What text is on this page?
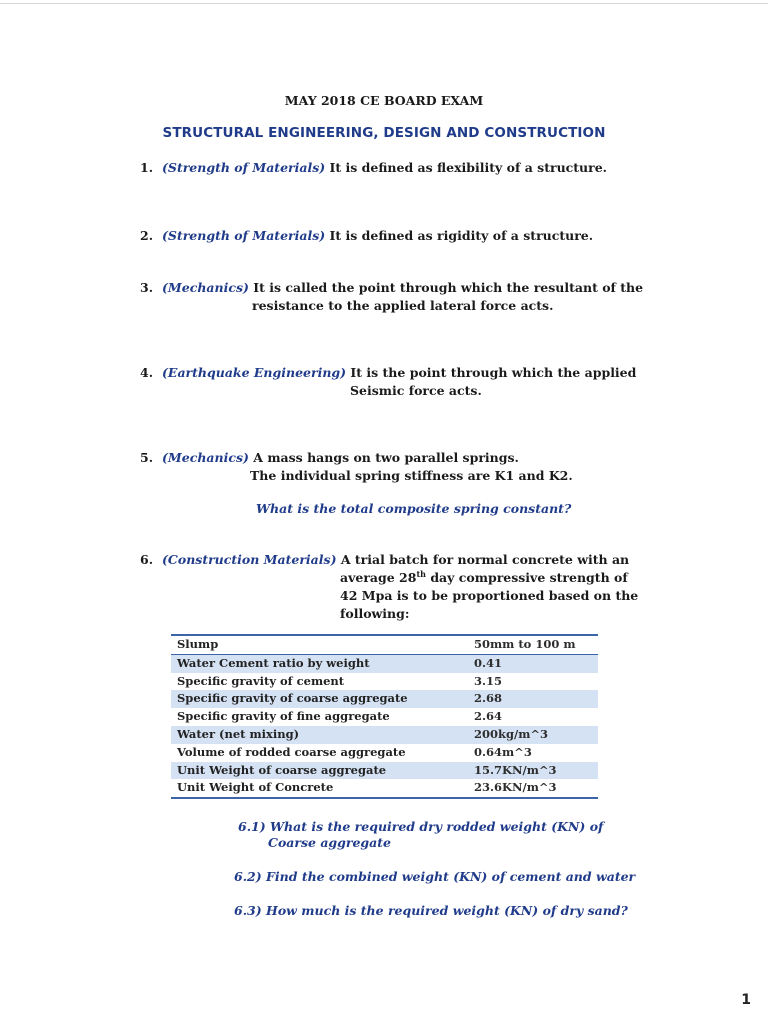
MAY 2018 CE BOARD EXAM
STRUCTURAL ENGINEERING, DESIGN AND CONSTRUCTION
1. (Strength of Materials) It is defined as flexibility of a structure.
2. (Strength of Materials) It is defined as rigidity of a structure.
3. (Mechanics) It is called the point through which the resultant of the
resistance to the applied lateral force acts.
4. (Earthquake Engineering) It is the point through which the applied
Seismic force acts.
5. (Mechanics) A mass hangs on two parallel springs.
The individual spring stiffness are K1 and K2.
What is the total composite spring constant?
6. (Construction Materials) A trial batch for normal concrete with an
average 28th day compressive strength of
42 Mpa is to be proportioned based on the
following:
Slump	50mm to 100 m
Water Cement ratio by weight	0.41
Specific gravity of cement	3.15
Specific gravity of coarse aggregate	2.68
Specific gravity of fine aggregate	2.64
Water (net mixing)	200kg/m^3
Volume of rodded coarse aggregate	0.64m^3
Unit Weight of coarse aggregate	15.7KN/m^3
Unit Weight of Concrete	23.6KN/m^3
6.1) What is the required dry rodded weight (KN) of
Coarse aggregate
6.2) Find the combined weight (KN) of cement and water
6.3) How much is the required weight (KN) of dry sand?
1
